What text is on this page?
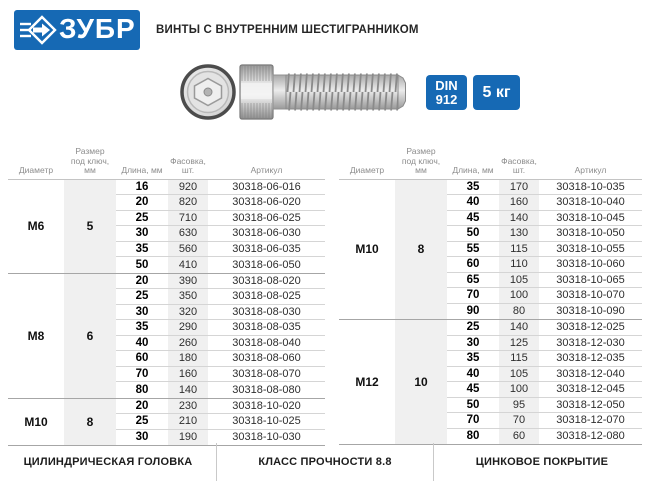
ЗУБР ВИНТЫ С ВНУТРЕННИМ ШЕСТИГРАННИКОМ
DIN
912	5 кг
Диаметр
Размер
под ключ, мм	Длина, мм
Фасовка, шт.	Артикул
М6	5
16	920	30318-06-016
20	820	30318-06-020
25	710	30318-06-025
30	630	30318-06-030
35	560	30318-06-035
50	410	30318-06-050
М8	6
20	390	30318-08-020
25	350	30318-08-025
30	320	30318-08-030
35	290	30318-08-035
40	260	30318-08-040
60	180	30318-08-060
70	160	30318-08-070
80	140	30318-08-080
М10	8
20	230	30318-10-020
25	210	30318-10-025
30	190	30318-10-030
Диаметр
Размер
под ключ, мм	Длина, мм
Фасовка, шт.	Артикул
М10	8
35	170	30318-10-035
40	160	30318-10-040
45	140	30318-10-045
50	130	30318-10-050
55	115	30318-10-055
60	110	30318-10-060
65	105	30318-10-065
70	100	30318-10-070
90	80	30318-10-090
М12	10
25	140	30318-12-025
30	125	30318-12-030
35	115	30318-12-035
40	105	30318-12-040
45	100	30318-12-045
50	95	30318-12-050
70	70	30318-12-070
80	60	30318-12-080
ЦИЛИНДРИЧЕСКАЯ ГОЛОВКА	КЛАСС ПРОЧНОСТИ 8.8	ЦИНКОВОЕ ПОКРЫТИЕ
